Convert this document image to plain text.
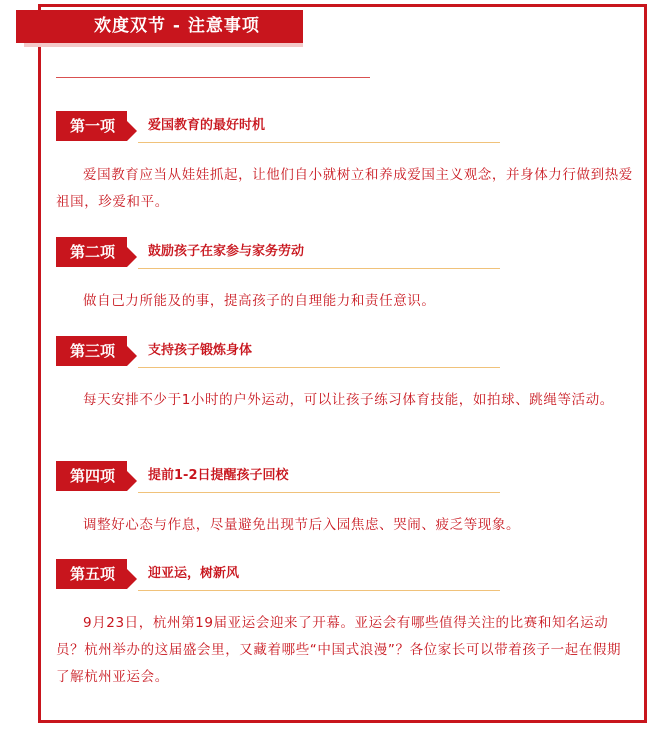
欢度双节 - 注意事项
第一项	爱国教育的最好时机

爱国教育应当从娃娃抓起，让他们自小就树立和养成爱国主义观念，并身体力行做到热爱祖国，珍爱和平。

第二项	鼓励孩子在家参与家务劳动

做自己力所能及的事，提高孩子的自理能力和责任意识。

第三项	支持孩子锻炼身体

每天安排不少于1小时的户外运动，可以让孩子练习体育技能，如拍球、跳绳等活动。

第四项	提前1-2日提醒孩子回校

调整好心态与作息，尽量避免出现节后入园焦虑、哭闹、疲乏等现象。

第五项	迎亚运，树新风

9月23日，杭州第19届亚运会迎来了开幕。亚运会有哪些值得关注的比赛和知名运动员？杭州举办的这届盛会里，又藏着哪些“中国式浪漫”？各位家长可以带着孩子一起在假期了解杭州亚运会。
